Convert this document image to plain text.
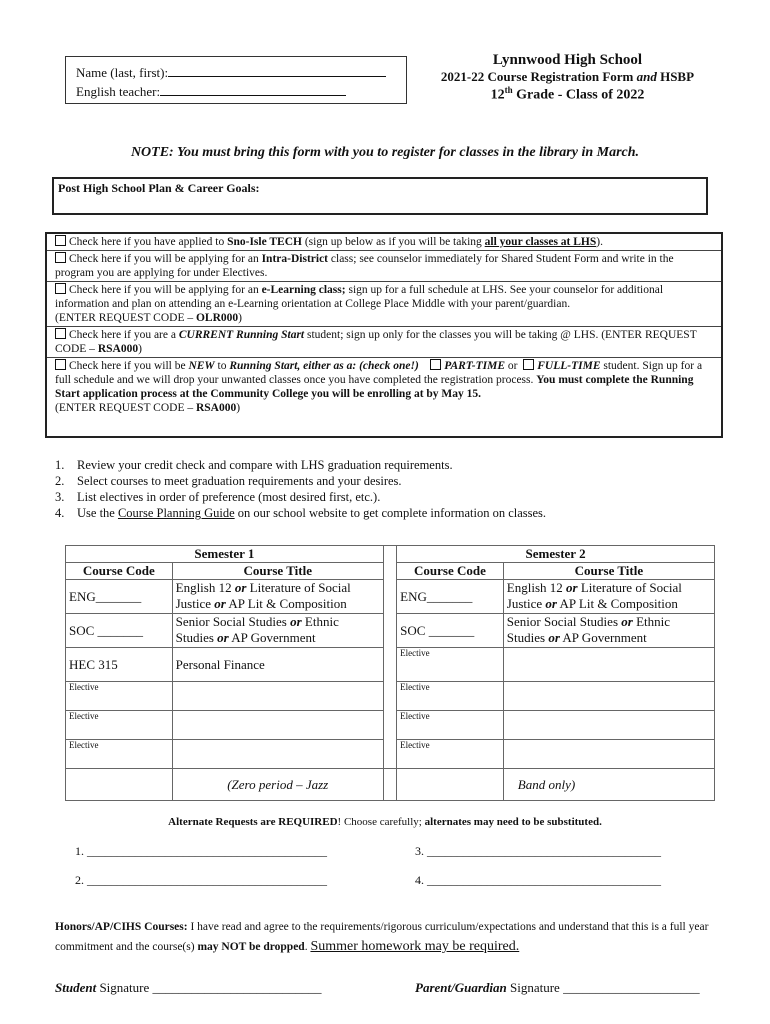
Name (last, first):
English teacher:
Lynnwood High School
2021-22 Course Registration Form and HSBP
12th Grade - Class of 2022
NOTE: You must bring this form with you to register for classes in the library in March.
Post High School Plan & Career Goals:
Check here if you have applied to Sno-Isle TECH (sign up below as if you will be taking all your classes at LHS).
Check here if you will be applying for an Intra-District class; see counselor immediately for Shared Student Form and write in the program you are applying for under Electives.
Check here if you will be applying for an e-Learning class; sign up for a full schedule at LHS. See your counselor for additional information and plan on attending an e-Learning orientation at College Place Middle with your parent/guardian.
(ENTER REQUEST CODE – OLR000)
Check here if you are a CURRENT Running Start student; sign up only for the classes you will be taking @ LHS. (ENTER REQUEST CODE – RSA000)
Check here if you will be NEW to Running Start, either as a: (check one!) PART-TIME or  FULL-TIME student. Sign up for a full schedule and we will drop your unwanted classes once you have completed the registration process. You must complete the Running Start application process at the Community College you will be enrolling at by May 15.
(ENTER REQUEST CODE – RSA000)
1. Review your credit check and compare with LHS graduation requirements.
2. Select courses to meet graduation requirements and your desires.
3. List electives in order of preference (most desired first, etc.).
4. Use the Course Planning Guide on our school website to get complete information on classes.
Semester 1			Semester 2	
Course Code	Course Title		Course Code	Course Title
ENG_______	English 12 or Literature of Social Justice or AP Lit & Composition		ENG_______	English 12 or Literature of Social Justice or AP Lit & Composition
SOC _______	Senior Social Studies or Ethnic Studies or AP Government		SOC _______	Senior Social Studies or Ethnic Studies or AP Government
HEC 315	Personal Finance		Elective	
Elective			Elective	
Elective			Elective	
Elective			Elective	
	(Zero period – Jazz			Band only)
Alternate Requests are REQUIRED! Choose carefully; alternates may need to be substituted.
1. ________________________________________	3. _______________________________________
2. ________________________________________	4. _______________________________________
Honors/AP/CIHS Courses: I have read and agree to the requirements/rigorous curriculum/expectations and understand that this is a full year commitment and the course(s) may NOT be dropped. Summer homework may be required.
Student Signature __________________________	Parent/Guardian Signature _____________________
